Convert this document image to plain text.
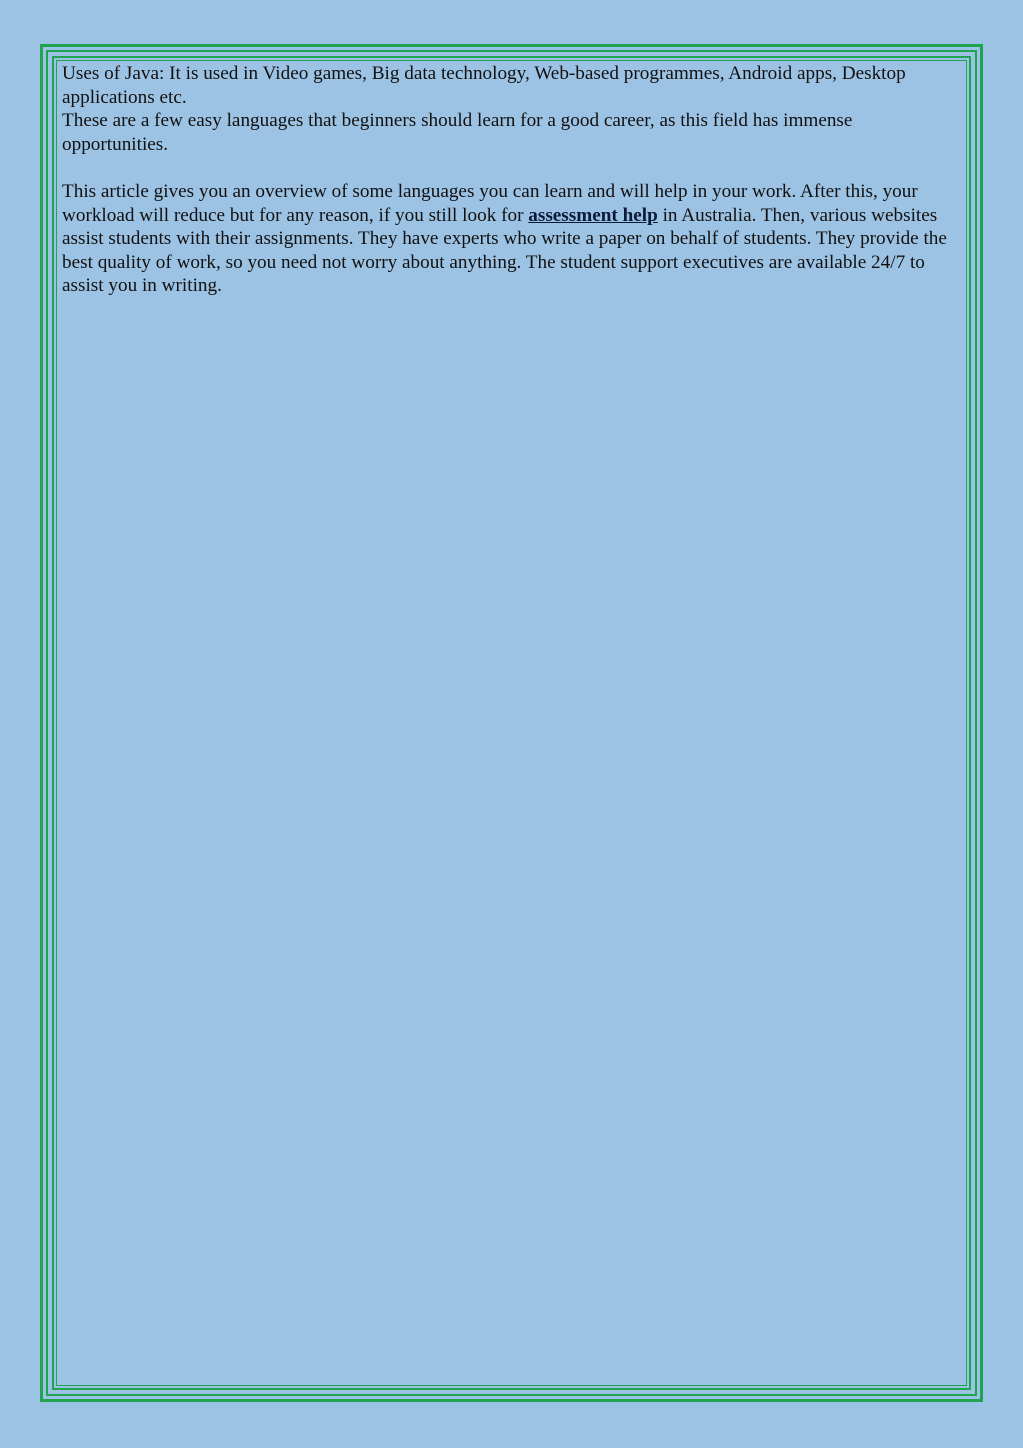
Uses of Java: It is used in Video games, Big data technology, Web-based programmes, Android apps, Desktop applications etc.

These are a few easy languages that beginners should learn for a good career, as this field has immense opportunities.

This article gives you an overview of some languages you can learn and will help in your work. After this, your workload will reduce but for any reason, if you still look for assessment help in Australia. Then, various websites assist students with their assignments. They have experts who write a paper on behalf of students. They provide the best quality of work, so you need not worry about anything. The student support executives are available 24/7 to assist you in writing.
